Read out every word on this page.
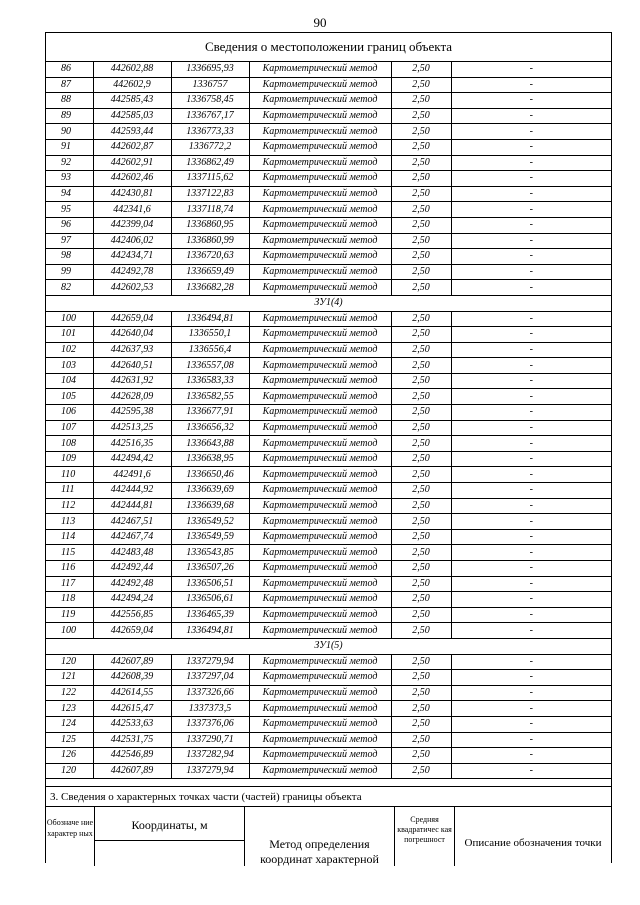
90
Сведения о местоположении границ объекта
86	442602,88	1336695,93	Картометрический метод	2,50	-
87	442602,9	1336757	Картометрический метод	2,50	-
88	442585,43	1336758,45	Картометрический метод	2,50	-
89	442585,03	1336767,17	Картометрический метод	2,50	-
90	442593,44	1336773,33	Картометрический метод	2,50	-
91	442602,87	1336772,2	Картометрический метод	2,50	-
92	442602,91	1336862,49	Картометрический метод	2,50	-
93	442602,46	1337115,62	Картометрический метод	2,50	-
94	442430,81	1337122,83	Картометрический метод	2,50	-
95	442341,6	1337118,74	Картометрический метод	2,50	-
96	442399,04	1336860,95	Картометрический метод	2,50	-
97	442406,02	1336860,99	Картометрический метод	2,50	-
98	442434,71	1336720,63	Картометрический метод	2,50	-
99	442492,78	1336659,49	Картометрический метод	2,50	-
82	442602,53	1336682,28	Картометрический метод	2,50	-
ЗУ1(4)					
100	442659,04	1336494,81	Картометрический метод	2,50	-
101	442640,04	1336550,1	Картометрический метод	2,50	-
102	442637,93	1336556,4	Картометрический метод	2,50	-
103	442640,51	1336557,08	Картометрический метод	2,50	-
104	442631,92	1336583,33	Картометрический метод	2,50	-
105	442628,09	1336582,55	Картометрический метод	2,50	-
106	442595,38	1336677,91	Картометрический метод	2,50	-
107	442513,25	1336656,32	Картометрический метод	2,50	-
108	442516,35	1336643,88	Картометрический метод	2,50	-
109	442494,42	1336638,95	Картометрический метод	2,50	-
110	442491,6	1336650,46	Картометрический метод	2,50	-
111	442444,92	1336639,69	Картометрический метод	2,50	-
112	442444,81	1336639,68	Картометрический метод	2,50	-
113	442467,51	1336549,52	Картометрический метод	2,50	-
114	442467,74	1336549,59	Картометрический метод	2,50	-
115	442483,48	1336543,85	Картометрический метод	2,50	-
116	442492,44	1336507,26	Картометрический метод	2,50	-
117	442492,48	1336506,51	Картометрический метод	2,50	-
118	442494,24	1336506,61	Картометрический метод	2,50	-
119	442556,85	1336465,39	Картометрический метод	2,50	-
100	442659,04	1336494,81	Картометрический метод	2,50	-
ЗУ1(5)					
120	442607,89	1337279,94	Картометрический метод	2,50	-
121	442608,39	1337297,04	Картометрический метод	2,50	-
122	442614,55	1337326,66	Картометрический метод	2,50	-
123	442615,47	1337373,5	Картометрический метод	2,50	-
124	442533,63	1337376,06	Картометрический метод	2,50	-
125	442531,75	1337290,71	Картометрический метод	2,50	-
126	442546,89	1337282,94	Картометрический метод	2,50	-
120	442607,89	1337279,94	Картометрический метод	2,50	-
3. Сведения о характерных точках части (частей) границы объекта
Обозначе ние характер ных
Координаты, м
Метод определения координат характерной
Средняя квадратичес кая погрешност	Описание обозначения точки
